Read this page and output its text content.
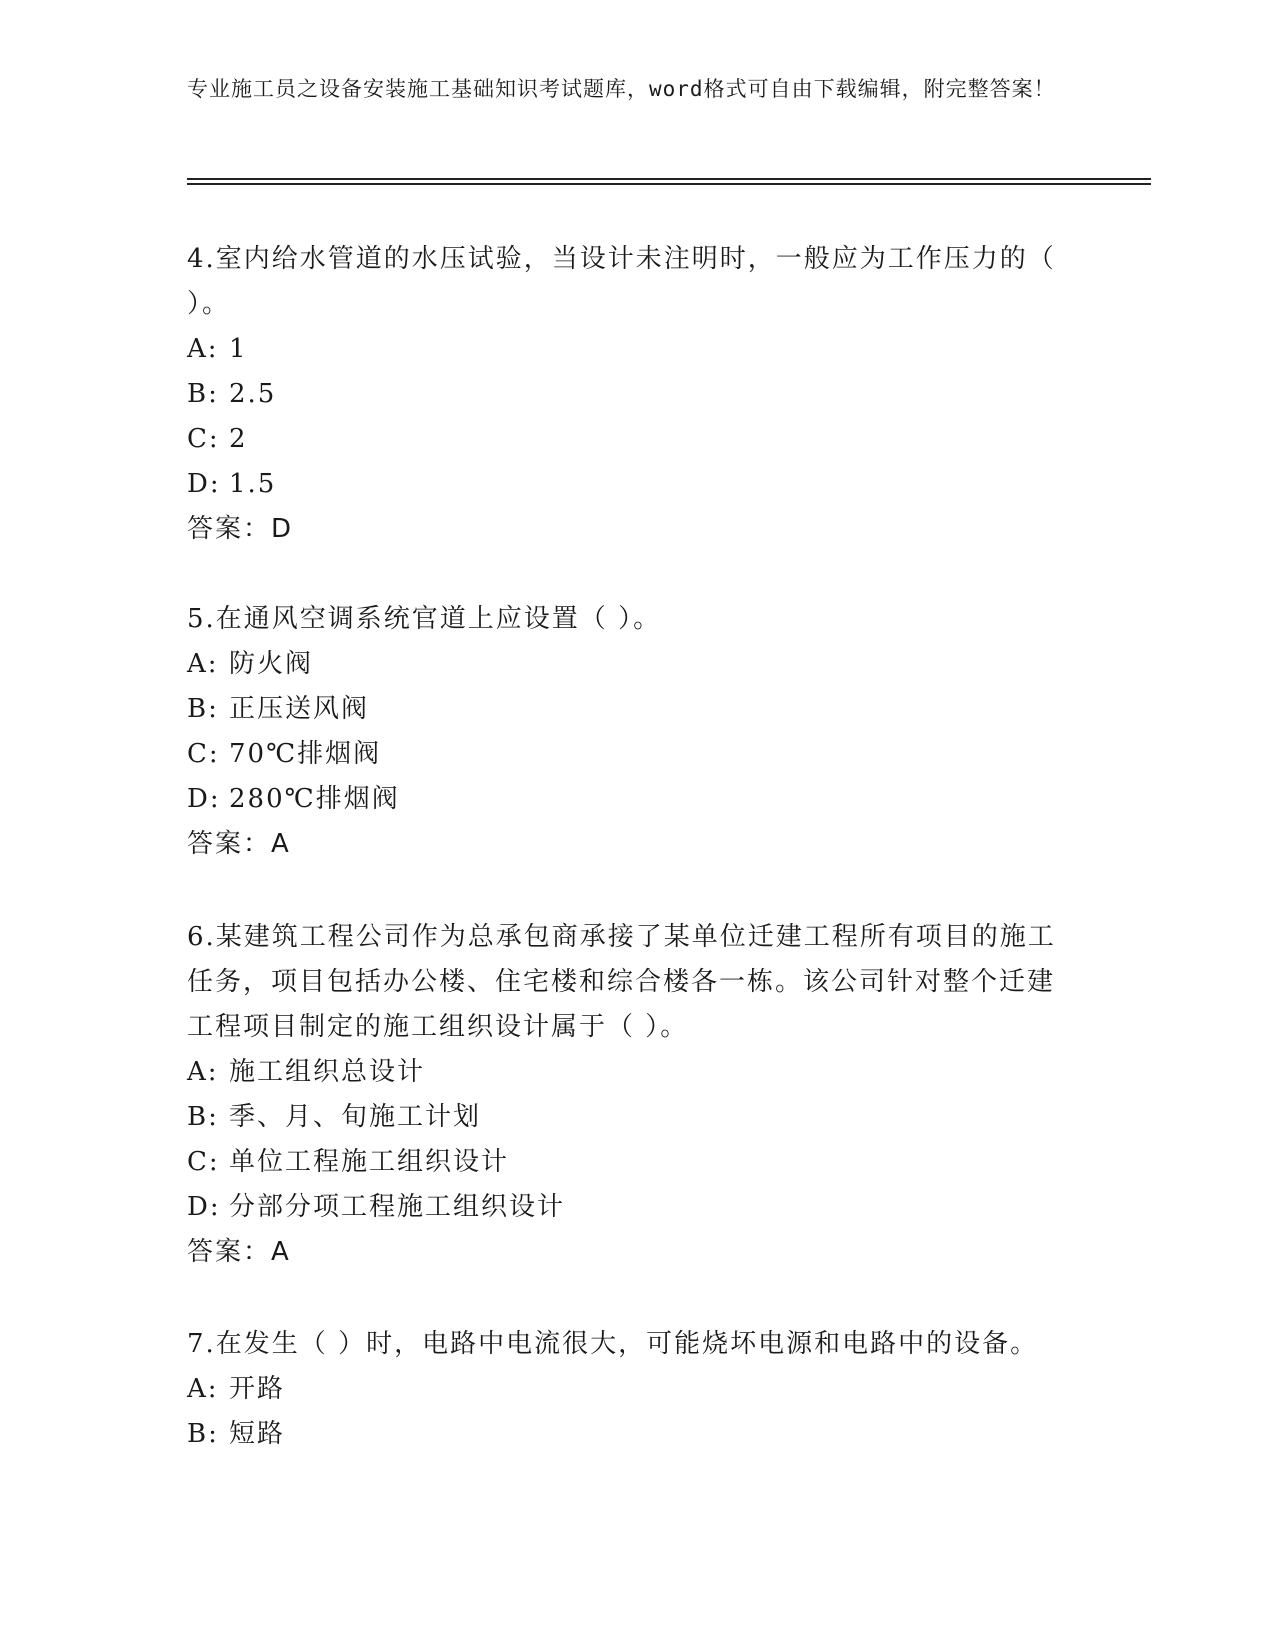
专业施工员之设备安装施工基础知识考试题库，word格式可自由下载编辑，附完整答案！

4.室内给水管道的水压试验，当设计未注明时，一般应为工作压力的（ ）。

A: 1

B: 2.5

C: 2

D: 1.5

答案：D

5.在通风空调系统官道上应设置（ ）。

A: 防火阀

B: 正压送风阀

C: 70℃排烟阀

D: 280℃排烟阀

答案：A

6.某建筑工程公司作为总承包商承接了某单位迁建工程所有项目的施工任务，项目包括办公楼、住宅楼和综合楼各一栋。该公司针对整个迁建工程项目制定的施工组织设计属于（ ）。

A: 施工组织总设计

B: 季、月、旬施工计划

C: 单位工程施工组织设计

D: 分部分项工程施工组织设计

答案：A

7.在发生（ ）时，电路中电流很大，可能烧坏电源和电路中的设备。

A: 开路

B: 短路
